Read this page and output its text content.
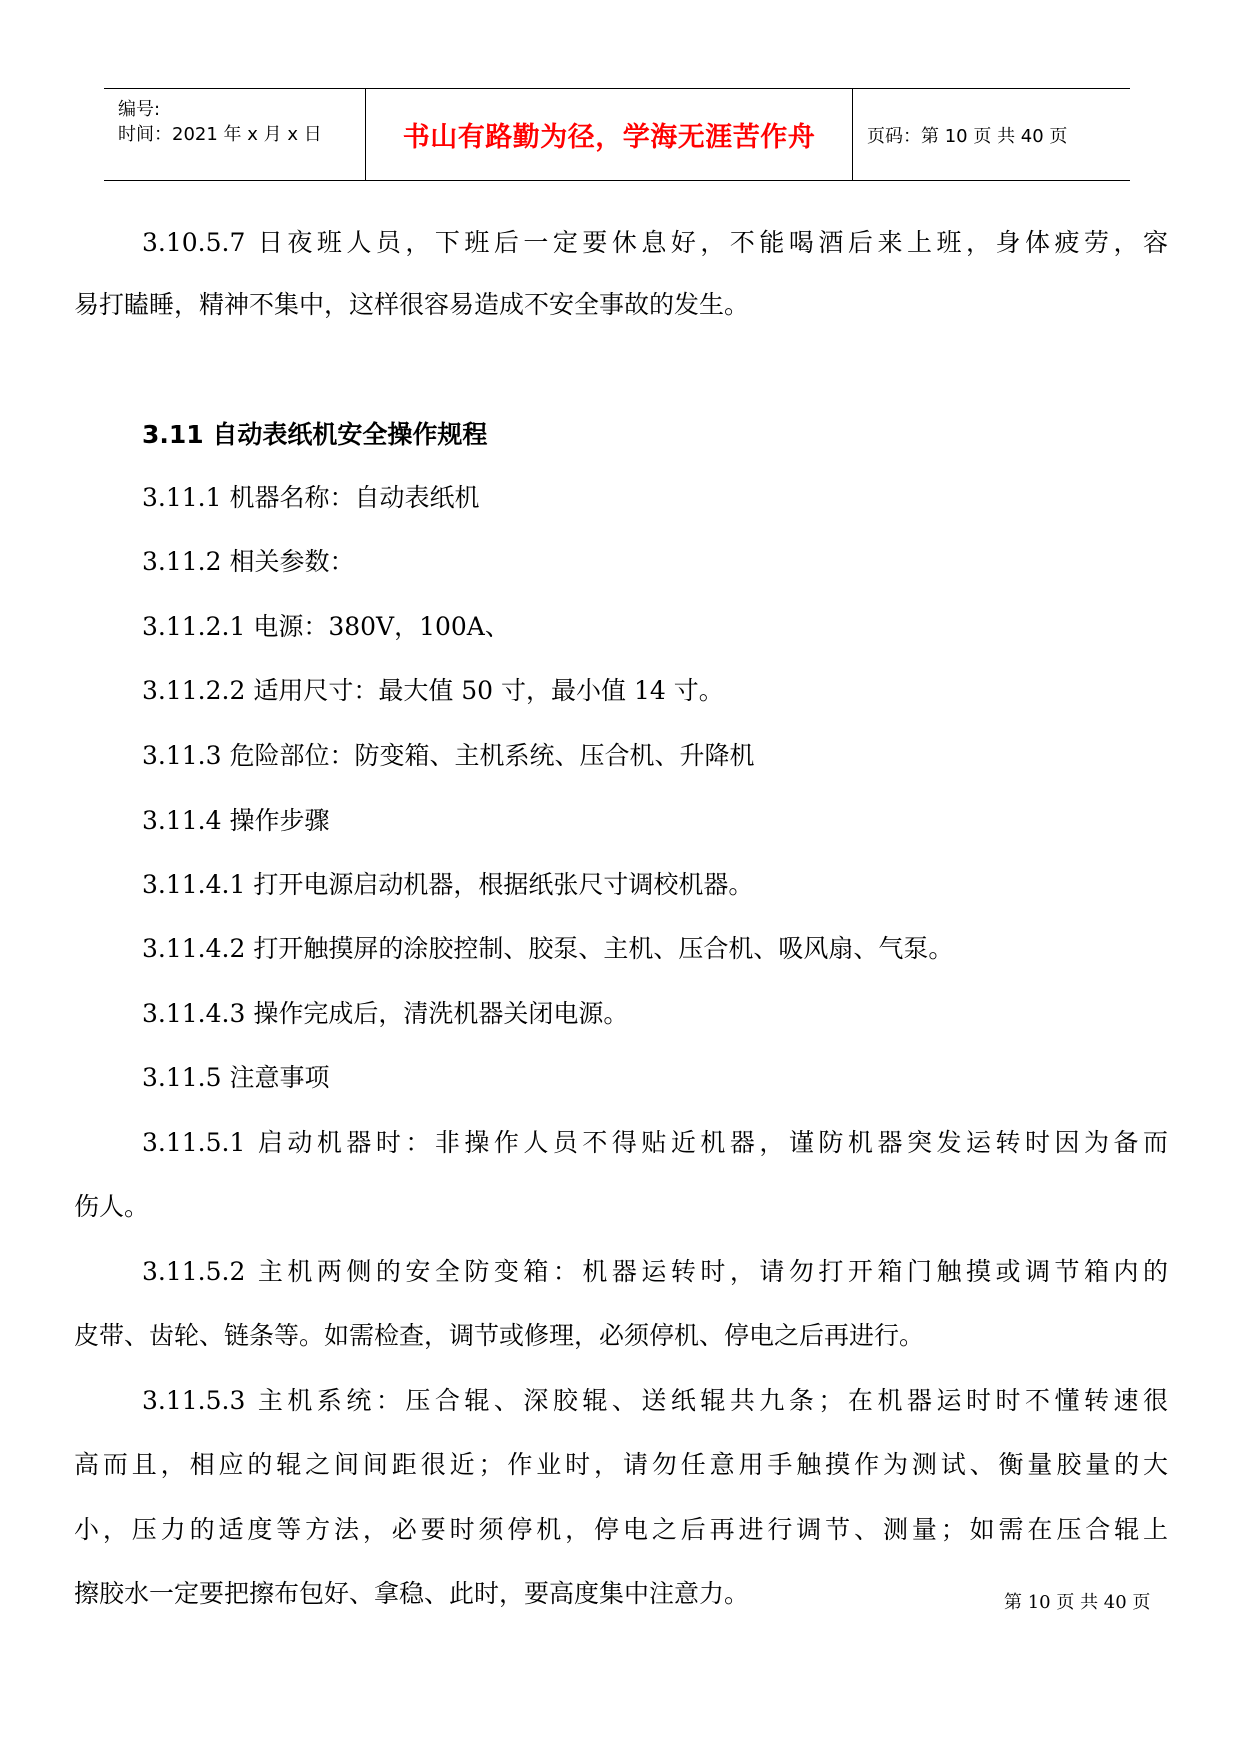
编号:
时间：2021 年 x 月 x 日	书山有路勤为径，学海无涯苦作舟	页码：第 10 页 共 40 页
3.10.5.7 日夜班人员，下班后一定要休息好，不能喝酒后来上班，身体疲劳，容
易打瞌睡，精神不集中，这样很容易造成不安全事故的发生。
3.11 自动表纸机安全操作规程
3.11.1 机器名称：自动表纸机
3.11.2 相关参数：
3.11.2.1 电源：380V，100A、
3.11.2.2 适用尺寸：最大值 50 寸，最小值 14 寸。
3.11.3 危险部位：防变箱、主机系统、压合机、升降机
3.11.4 操作步骤
3.11.4.1 打开电源启动机器，根据纸张尺寸调校机器。
3.11.4.2 打开触摸屏的涂胶控制、胶泵、主机、压合机、吸风扇、气泵。
3.11.4.3 操作完成后，清洗机器关闭电源。
3.11.5 注意事项
3.11.5.1 启动机器时：非操作人员不得贴近机器，谨防机器突发运转时因为备而
伤人。
3.11.5.2 主机两侧的安全防变箱：机器运转时，请勿打开箱门触摸或调节箱内的
皮带、齿轮、链条等。如需检查，调节或修理，必须停机、停电之后再进行。
3.11.5.3 主机系统：压合辊、深胶辊、送纸辊共九条；在机器运时时不懂转速很
高而且，相应的辊之间间距很近；作业时，请勿任意用手触摸作为测试、衡量胶量的大
小，压力的适度等方法，必要时须停机，停电之后再进行调节、测量；如需在压合辊上
擦胶水一定要把擦布包好、拿稳、此时，要高度集中注意力。	第 10 页 共 40 页
